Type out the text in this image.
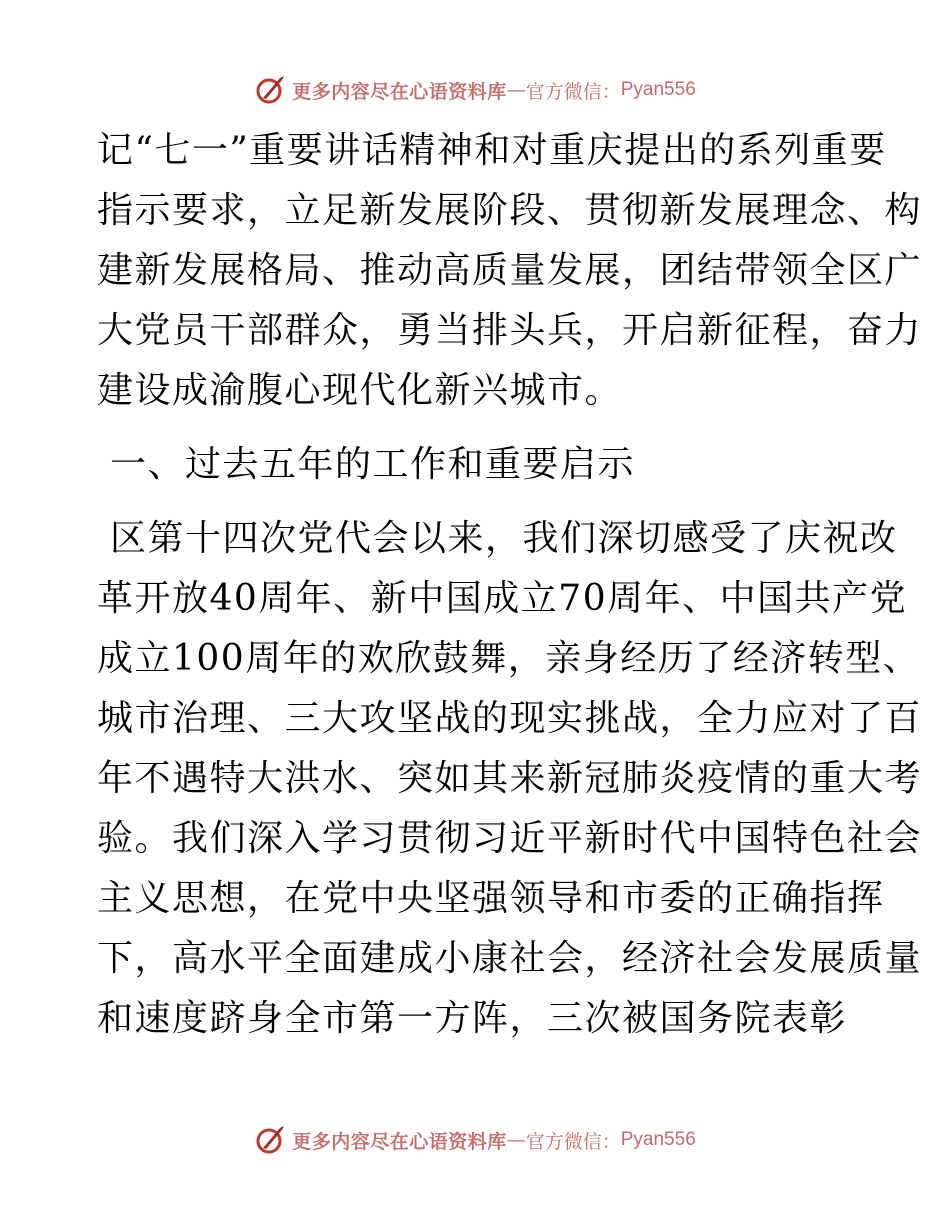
更多内容尽在心语资料库 — 官方微信： Pyan556
记“七一”重要讲话精神和对重庆提出的系列重要
指示要求，立足新发展阶段、贯彻新发展理念、构
建新发展格局、推动高质量发展，团结带领全区广
大党员干部群众，勇当排头兵，开启新征程，奋力
建设成渝腹心现代化新兴城市。
一、过去五年的工作和重要启示
区第十四次党代会以来，我们深切感受了庆祝改
革开放40周年、新中国成立70周年、中国共产党
成立100周年的欢欣鼓舞，亲身经历了经济转型、
城市治理、三大攻坚战的现实挑战，全力应对了百
年不遇特大洪水、突如其来新冠肺炎疫情的重大考
验。我们深入学习贯彻习近平新时代中国特色社会
主义思想，在党中央坚强领导和市委的正确指挥
下，高水平全面建成小康社会，经济社会发展质量
和速度跻身全市第一方阵，三次被国务院表彰
更多内容尽在心语资料库 — 官方微信： Pyan556
